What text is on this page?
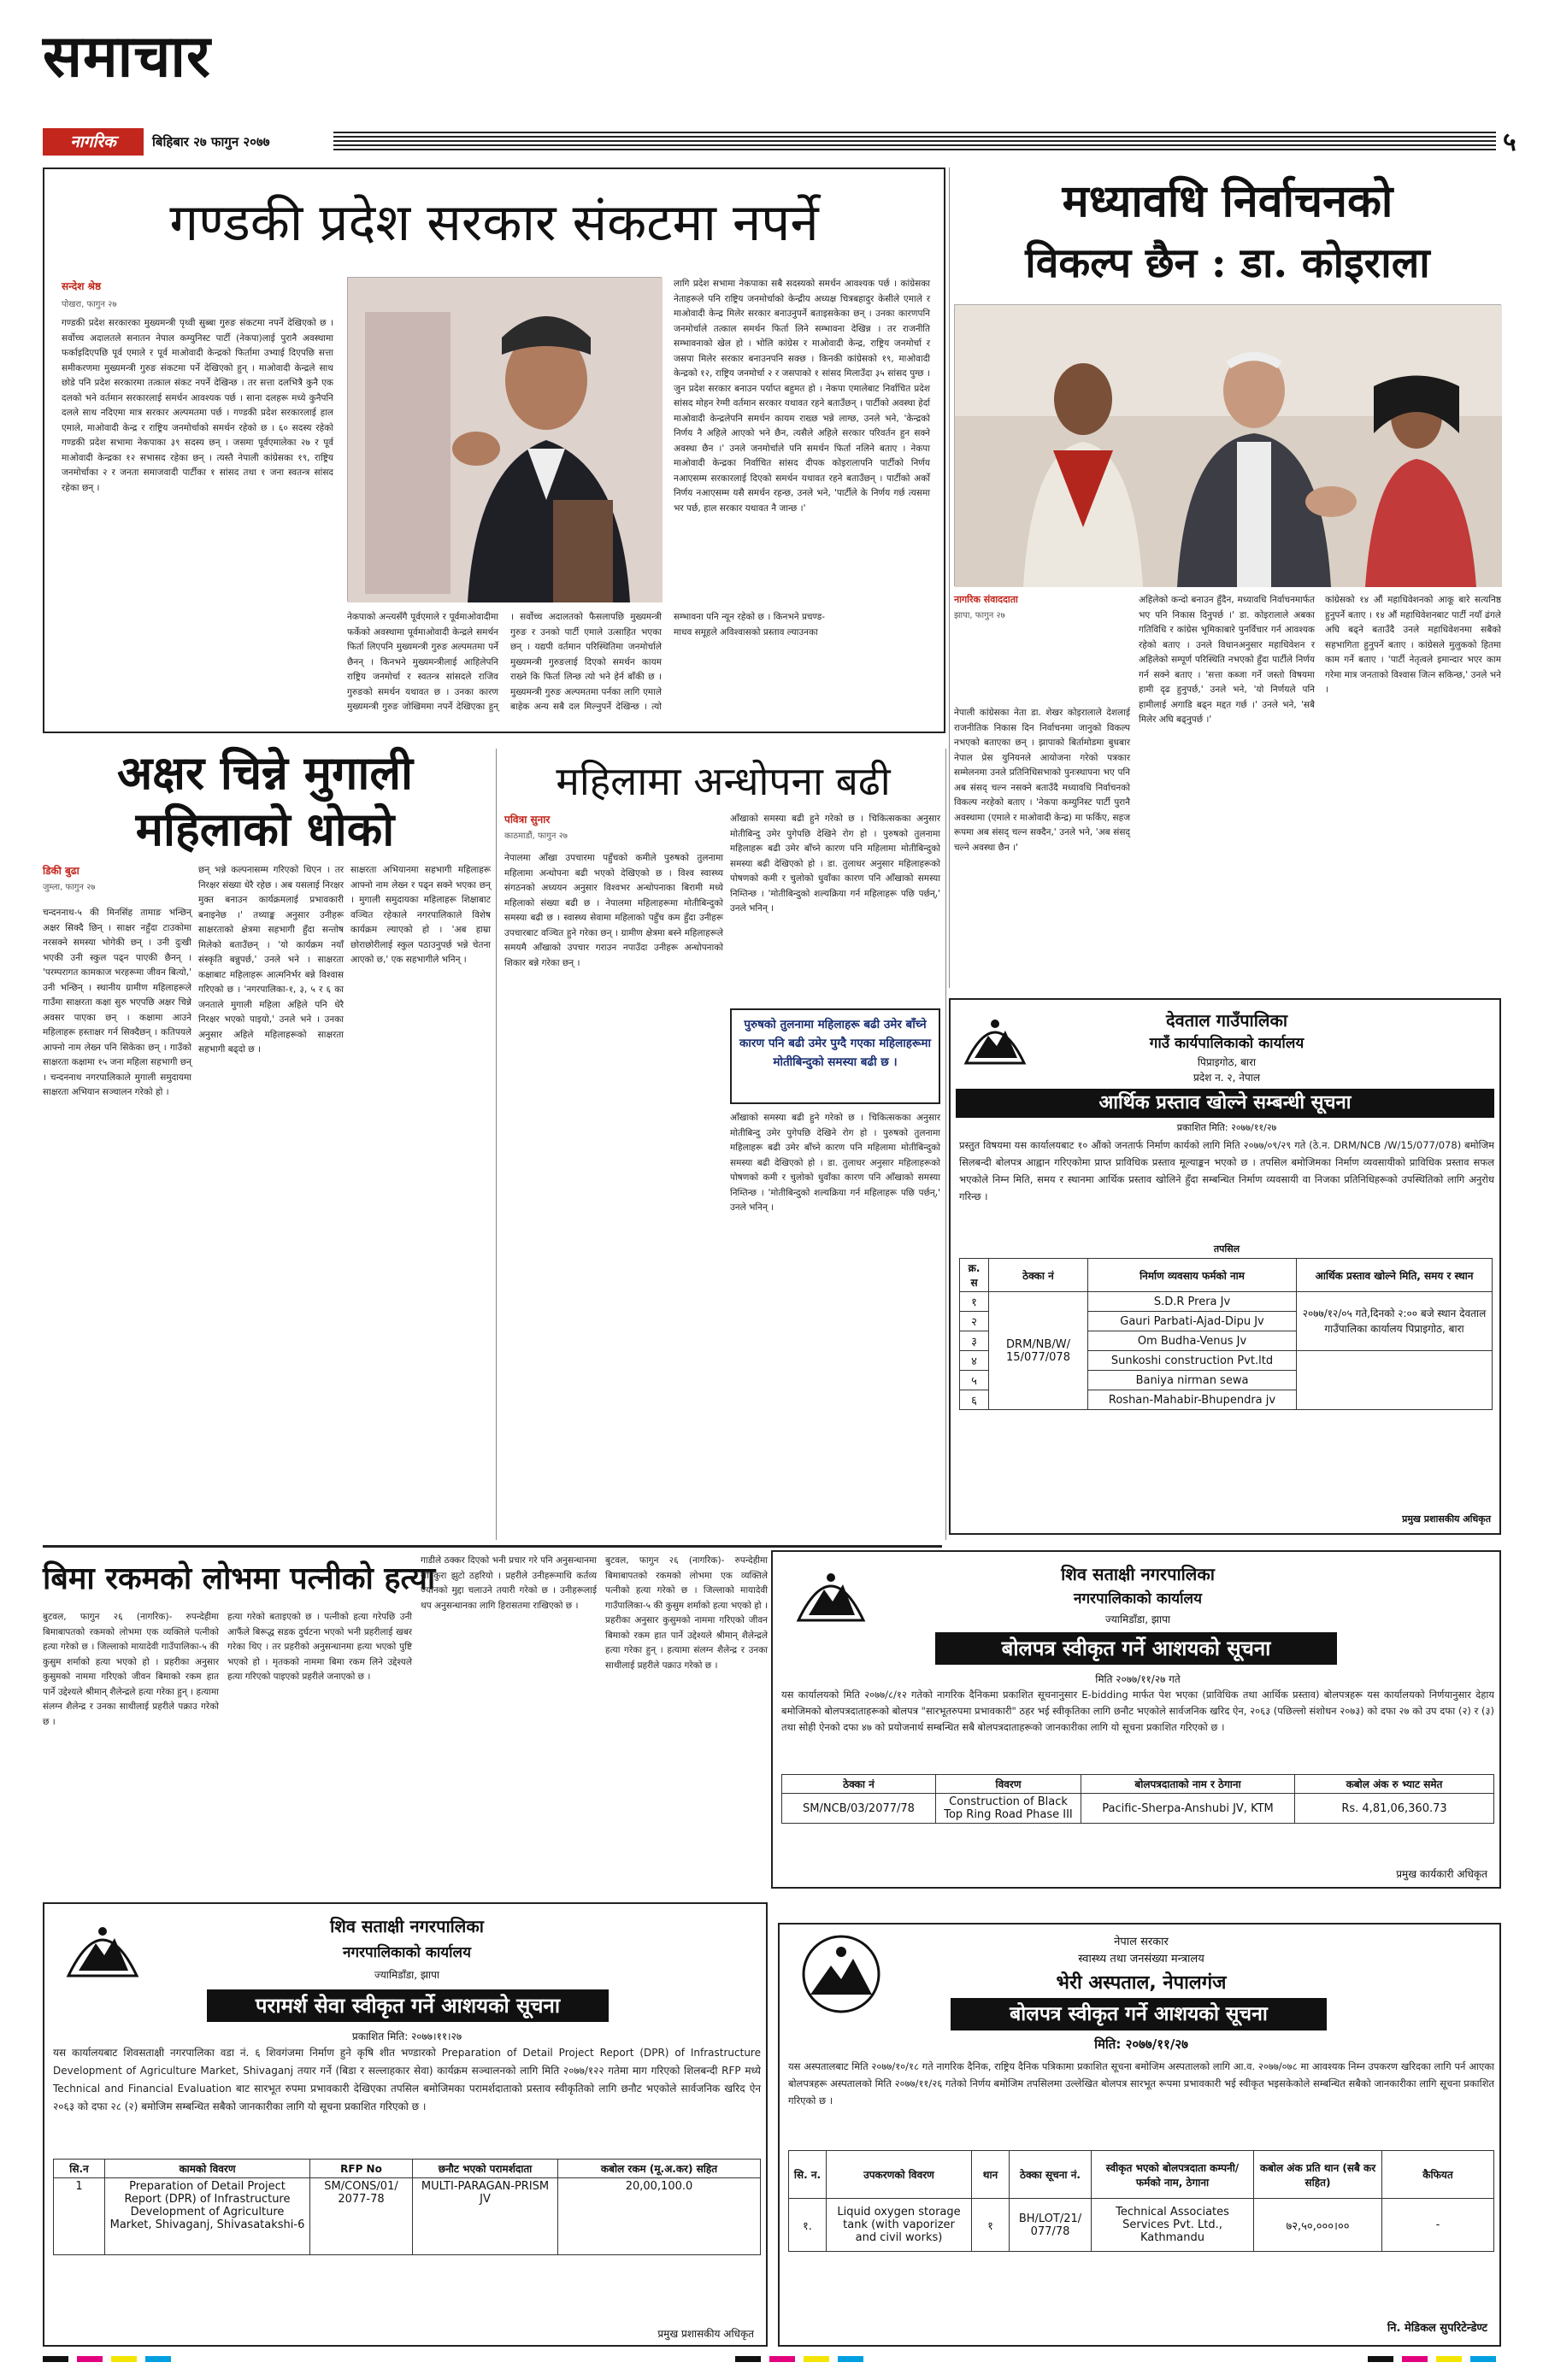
समाचार
नागरिक	बिहिबार २७ फागुन २०७७	५
गण्डकी प्रदेश सरकार संकटमा नपर्ने
सन्देश श्रेष्ठ
पोखरा, फागुन २७
गण्डकी प्रदेश सरकारका मुख्यमन्त्री पृथ्वी सुब्बा गुरुङ संकटमा नपर्ने देखिएको छ । सर्वोच्च अदालतले सनातन नेपाल कम्युनिस्ट पार्टी (नेकपा)लाई पुरानै अवस्थामा फर्काइदिएपछि पूर्व एमाले र पूर्व माओवादी केन्द्रको फिर्तामा उभ्याई दिएपछि सत्ता समीकरणमा मुख्यमन्त्री गुरुङ संकटमा पर्ने देखिएको हुन् । माओवादी केन्द्रले साथ छोडे पनि प्रदेश सरकारमा तत्काल संकट नपर्ने देखिन्छ । तर सत्ता दलभित्रै कुनै एक दलको भने वर्तमान सरकारलाई समर्थन आवश्यक पर्छ । साना दलहरू मध्ये कुनैपनि दलले साथ नदिएमा मात्र सरकार अल्पमतमा पर्छ । गण्डकी प्रदेश सरकारलाई हाल एमाले, माओवादी केन्द्र र राष्ट्रिय जनमोर्चाको समर्थन रहेको छ । ६० सदस्य रहेको गण्डकी प्रदेश सभामा नेकपाका ३९ सदस्य छन् । जसमा पूर्वएमालेका २७ र पूर्व माओवादी केन्द्रका १२ सभासद रहेका छन् । त्यस्तै नेपाली कांग्रेसका १९, राष्ट्रिय जनमोर्चाका २ र जनता समाजवादी पार्टीका १ सांसद तथा १ जना स्वतन्त्र सांसद रहेका छन् ।
नेकपाको अन्त्यसँगै पूर्वएमाले र पूर्वमाओवादीमा फर्केको अवस्थामा पूर्वमाओवादी केन्द्रले समर्थन फिर्ता लिएपनि मुख्यमन्त्री गुरुङ अल्पमतमा पर्ने छैनन् । किनभने मुख्यमन्त्रीलाई आहिलेपनि राष्ट्रिय जनमोर्चा र स्वतन्त्र सांसदले राजिव गुरुङको समर्थन यथावत छ । उनका कारण मुख्यमन्त्री गुरुङ जोखिममा नपर्ने देखिएका हुन् । सर्वोच्च अदालतको फैसलापछि मुख्यमन्त्री गुरुङ र उनको पार्टी एमाले उत्साहित भएका छन् । यद्यपी वर्तमान परिस्थितिमा जनमोर्चाले मुख्यमन्त्री गुरुङलाई दिएको समर्थन कायम राख्ने कि फिर्ता लिन्छ त्यो भने हेर्न बाँकी छ । मुख्यमन्त्री गुरुङ अल्पमतमा पर्नका लागि एमाले बाहेक अन्य सबै दल मिल्नुपर्ने देखिन्छ । त्यो सम्भावना पनि न्यून रहेको छ । किनभने प्रचण्ड-माधव समूहले अविश्वासको प्रस्ताव ल्याउनका
लागि प्रदेश सभामा नेकपाका सबै सदस्यको समर्थन आवश्यक पर्छ । कांग्रेसका नेताहरूले पनि राष्ट्रिय जनमोर्चाको केन्द्रीय अध्यक्ष चित्रबहादुर केसीले एमाले र माओवादी केन्द्र मिलेर सरकार बनाउनुपर्ने बताइसकेका छन् । उनका कारणपनि जनमोर्चाले तत्काल समर्थन फिर्ता लिने सम्भावना देखिन्न । तर राजनीति सम्भावनाको खेल हो । भोलि कांग्रेस र माओवादी केन्द्र, राष्ट्रिय जनमोर्चा र जसपा मिलेर सरकार बनाउनपनि सक्छ । किनकी कांग्रेसको १९, माओवादी केन्द्रको १२, राष्ट्रिय जनमोर्चा २ र जसपाको १ सांसद मिलाउँदा ३५ सांसद पुग्छ । जुन प्रदेश सरकार बनाउन पर्याप्त बहुमत हो । नेकपा एमालेबाट निर्वाचित प्रदेश सांसद मोहन रेग्मी वर्तमान सरकार यथावत रहने बताउँछन् । पार्टीको अवस्था हेर्दा माओवादी केन्द्रलेपनि समर्थन कायम राख्छ भन्ने लाग्छ, उनले भने, 'केन्द्रको निर्णय नै अहिले आएको भने छैन, त्यसैले अहिले सरकार परिवर्तन हुन सक्ने अवस्था छैन ।' उनले जनमोर्चाले पनि समर्थन फिर्ता नलिने बताए । नेकपा माओवादी केन्द्रका निर्वाचित सांसद दीपक कोइरालापनि पार्टीको निर्णय नआएसम्म सरकारलाई दिएको समर्थन यथावत रहने बताउँछन् । पार्टीको अर्को निर्णय नआएसम्म यसै समर्थन रहन्छ, उनले भने, 'पार्टीले के निर्णय गर्छ त्यसमा भर पर्छ, हाल सरकार यथावत नै जान्छ ।'
मध्यावधि निर्वाचनको
विकल्प छैन : डा. कोइराला
नागरिक संवाददाता
झापा, फागुन २७
नेपाली कांग्रेसका नेता डा. शेखर कोइरालाले देशलाई राजनीतिक निकास दिन निर्वाचनमा जानुको विकल्प नभएको बताएका छन् । झापाको बिर्तामोडमा बुधबार नेपाल प्रेस युनियनले आयोजना गरेको पत्रकार सम्मेलनमा उनले प्रतिनिधिसभाको पुनःस्थापना भए पनि अब संसद् चल्न नसक्ने बताउँदै मध्यावधि निर्वाचनको विकल्प नरहेको बताए । 'नेकपा कम्युनिस्ट पार्टी पुरानै अवस्थामा (एमाले र माओवादी केन्द्र) मा फर्किए, सहज रूपमा अब संसद् चल्न सक्दैन,' उनले भने, 'अब संसद् चल्ने अवस्था छैन ।'
अहिलेको कन्दो बनाउन हुँदैन, मध्यावधि निर्वाचनमार्फत भए पनि निकास दिनुपर्छ ।' डा. कोइरालाले अबका गतिविधि र कांग्रेस भूमिकाबारे पुनर्विचार गर्न आवश्यक रहेको बताए । उनले विधानअनुसार महाधिवेशन र अहिलेको सम्पूर्ण परिस्थिति नभएको हुँदा पार्टीले निर्णय गर्न सक्ने बताए । 'सत्ता कब्जा गर्ने जस्तो विषयमा हामी दृढ हुनुपर्छ,' उनले भने, 'यो निर्णयले पनि हामीलाई अगाडि बढ्न मद्दत गर्छ ।' उनले भने, 'सबै मिलेर अघि बढ्नुपर्छ ।'
कांग्रेसको १४ औं महाधिवेशनको आकू बारे सत्यनिष्ठ हुनुपर्ने बताए । १४ औं महाधिवेशनबाट पार्टी नयाँ ढंगले अघि बढ्ने बताउँदै उनले महाधिवेशनमा सबैको सहभागिता हुनुपर्ने बताए । कांग्रेसले मुलुकको हितमा काम गर्ने बताए । 'पार्टी नेतृत्वले इमान्दार भएर काम गरेमा मात्र जनताको विश्वास जित्न सकिन्छ,' उनले भने ।
अक्षर चिन्ने मुगाली
महिलाको धोको
डिकी बुढा
जुम्ला, फागुन २७
चन्दननाथ-५ की मिनसिंह तामाङ भन्छिन् अक्षर सिक्दै छिन् । साक्षर नहुँदा टाउकोमा नरसक्ने समस्या भोगेकी छन् । उनी दुःखी भएकी उनी स्कुल पढ्न पाएकी छैनन् । 'परम्परागत कामकाज भरहरूमा जीवन बित्यो,' उनी भन्छिन् । स्थानीय ग्रामीण महिलाहरूले गाउँमा साक्षरता कक्षा सुरु भएपछि अक्षर चिन्ने अवसर पाएका छन् । कक्षामा आउने महिलाहरू हस्ताक्षर गर्न सिक्दैछन् । कतिपयले आफ्नो नाम लेख्न पनि सिकेका छन् । गाउँको साक्षरता कक्षामा १५ जना महिला सहभागी छन् । चन्दननाथ नगरपालिकाले मुगाली समुदायमा साक्षरता अभियान सञ्चालन गरेको हो ।
छन् भन्ने कल्पनासम्म गरिएको थिएन । तर निरक्षर संख्या धेरै रहेछ । अब यसलाई निरक्षर मुक्त बनाउन कार्यक्रमलाई प्रभावकारी बनाइनेछ ।' तथ्याङ्क अनुसार उनीहरू साक्षरताको क्षेत्रमा सहभागी हुँदा सन्तोष मिलेको बताउँछन् । 'यो कार्यक्रम नयाँ संस्कृति बन्नुपर्छ,' उनले भने । साक्षरता कक्षाबाट महिलाहरू आत्मनिर्भर बन्ने विश्वास गरिएको छ । 'नगरपालिका-१, ३, ५ र ६ का जनताले मुगाली महिला अहिले पनि धेरै निरक्षर भएको पाइयो,' उनले भने । उनका अनुसार अहिले महिलाहरूको साक्षरता सहभागी बढ्दो छ ।
साक्षरता अभियानमा सहभागी महिलाहरू आफ्नो नाम लेख्न र पढ्न सक्ने भएका छन् । मुगाली समुदायका महिलाहरू शिक्षाबाट वञ्चित रहेकाले नगरपालिकाले विशेष कार्यक्रम ल्याएको हो । 'अब हाम्रा छोराछोरीलाई स्कुल पठाउनुपर्छ भन्ने चेतना आएको छ,' एक सहभागीले भनिन् ।
महिलामा अन्धोपना बढी
पवित्रा सुनार
काठमाडौं, फागुन २७
नेपालमा आँखा उपचारमा पहुँचको कमीले पुरुषको तुलनामा महिलामा अन्धोपना बढी भएको देखिएको छ । विश्व स्वास्थ्य संगठनको अध्ययन अनुसार विश्वभर अन्धोपनाका बिरामी मध्ये महिलाको संख्या बढी छ । नेपालमा महिलाहरूमा मोतीबिन्दुको समस्या बढी छ । स्वास्थ्य सेवामा महिलाको पहुँच कम हुँदा उनीहरू उपचारबाट वञ्चित हुने गरेका छन् । ग्रामीण क्षेत्रमा बस्ने महिलाहरूले समयमै आँखाको उपचार गराउन नपाउँदा उनीहरू अन्धोपनाको शिकार बन्ने गरेका छन् ।
पुरुषको तुलनामा महिलाहरू बढी उमेर बाँच्ने कारण पनि बढी उमेर पुग्दै गएका महिलाहरूमा मोतीबिन्दुको समस्या बढी छ ।
आँखाको समस्या बढी हुने गरेको छ । चिकित्सकका अनुसार मोतीबिन्दु उमेर पुगेपछि देखिने रोग हो । पुरुषको तुलनामा महिलाहरू बढी उमेर बाँच्ने कारण पनि महिलामा मोतीबिन्दुको समस्या बढी देखिएको हो । डा. तुलाधर अनुसार महिलाहरूको पोषणको कमी र चुलोको धुवाँका कारण पनि आँखाको समस्या निम्तिन्छ । 'मोतीबिन्दुको शल्यक्रिया गर्न महिलाहरू पछि पर्छन्,' उनले भनिन् ।
आँखाको समस्या बढी हुने गरेको छ । चिकित्सकका अनुसार मोतीबिन्दु उमेर पुगेपछि देखिने रोग हो । पुरुषको तुलनामा महिलाहरू बढी उमेर बाँच्ने कारण पनि महिलामा मोतीबिन्दुको समस्या बढी देखिएको हो । डा. तुलाधर अनुसार महिलाहरूको पोषणको कमी र चुलोको धुवाँका कारण पनि आँखाको समस्या निम्तिन्छ । 'मोतीबिन्दुको शल्यक्रिया गर्न महिलाहरू पछि पर्छन्,' उनले भनिन् ।
देवताल गाउँपालिका
गाउँ कार्यपालिकाको कार्यालय
पिप्राइगोठ, बारा
प्रदेश न. २, नेपाल
आर्थिक प्रस्ताव खोल्ने सम्बन्धी सूचना
प्रकाशित मिति: २०७७/११/२७
प्रस्तुत विषयमा यस कार्यालयबाट १० औंको जनतार्फ निर्माण कार्यको लागि मिति २०७७/०९/२९ गते (ठे.न. DRM/NCB /W/15/077/078) बमोजिम सिलबन्दी बोलपत्र आह्वान गरिएकोमा प्राप्त प्राविधिक प्रस्ताव मूल्याङ्कन भएको छ । तपसिल बमोजिमका निर्माण व्यवसायीको प्राविधिक प्रस्ताव सफल भएकोले निम्न मिति, समय र स्थानमा आर्थिक प्रस्ताव खोलिने हुँदा सम्बन्धित निर्माण व्यवसायी वा निजका प्रतिनिधिहरूको उपस्थितिको लागि अनुरोध गरिन्छ ।
तपसिल
क्र. स	ठेक्का नं	निर्माण व्यवसाय फर्मको नाम	आर्थिक प्रस्ताव खोल्ने मिति, समय र स्थान
१	DRM/NB/W/ 15/077/078	S.D.R Prera Jv	२०७७/१२/०५ गते,दिनको २:०० बजे स्थान देवताल गाउँपालिका कार्यालय पिप्राइगोठ, बारा
२		Gauri Parbati-Ajad-Dipu Jv	
३		Om Budha-Venus Jv	
४		Sunkoshi construction Pvt.ltd	
५		Baniya nirman sewa	
६		Roshan-Mahabir-Bhupendra jv	
प्रमुख प्रशासकीय अधिकृत
बिमा रकमको लोभमा पत्नीको हत्या
बुटवल, फागुन २६ (नागरिक)- रुपन्देहीमा बिमाबापतको रकमको लोभमा एक व्यक्तिले पत्नीको हत्या गरेको छ । जिल्लाको मायादेवी गाउँपालिका-५ की कुसुम शर्माको हत्या भएको हो । प्रहरीका अनुसार कुसुमको नाममा गरिएको जीवन बिमाको रकम हात पार्ने उद्देश्यले श्रीमान् शैलेन्द्रले हत्या गरेका हुन् । हत्यामा संलग्न शैलेन्द्र र उनका साथीलाई प्रहरीले पक्राउ गरेको छ ।
हत्या गरेको बताइएको छ । पत्नीको हत्या गरेपछि उनी आफैंले बिरूद्ध सडक दुर्घटना भएको भनी प्रहरीलाई खबर गरेका थिए । तर प्रहरीको अनुसन्धानमा हत्या भएको पुष्टि भएको हो । मृतकको नाममा बिमा रकम लिने उद्देश्यले हत्या गरिएको पाइएको प्रहरीले जनाएको छ ।
गाडीले ठक्कर दिएको भनी प्रचार गरे पनि अनुसन्धानमा सो कुरा झुटो ठहरियो । प्रहरीले उनीहरूमाथि कर्तव्य ज्यानको मुद्दा चलाउने तयारी गरेको छ । उनीहरूलाई थप अनुसन्धानका लागि हिरासतमा राखिएको छ ।
बुटवल, फागुन २६ (नागरिक)- रुपन्देहीमा बिमाबापतको रकमको लोभमा एक व्यक्तिले पत्नीको हत्या गरेको छ । जिल्लाको मायादेवी गाउँपालिका-५ की कुसुम शर्माको हत्या भएको हो । प्रहरीका अनुसार कुसुमको नाममा गरिएको जीवन बिमाको रकम हात पार्ने उद्देश्यले श्रीमान् शैलेन्द्रले हत्या गरेका हुन् । हत्यामा संलग्न शैलेन्द्र र उनका साथीलाई प्रहरीले पक्राउ गरेको छ ।
शिव सताक्षी नगरपालिका
नगरपालिकाको कार्यालय
ज्यामिडाँडा, झापा
बोलपत्र स्वीकृत गर्ने आशयको सूचना
मिति २०७७/११/२७ गते
यस कार्यालयको मिति २०७७/८/१२ गतेको नागरिक दैनिकमा प्रकाशित सूचनानुसार E-bidding मार्फत पेश भएका (प्राविधिक तथा आर्थिक प्रस्ताव) बोलपत्रहरू यस कार्यालयको निर्णयानुसार देहाय बमोजिमको बोलपत्रदाताहरूको बोलपत्र "सारभूतरुपमा प्रभावकारी" ठहर भई स्वीकृतिका लागि छनौट भएकोले सार्वजनिक खरिद ऐन, २०६३ (पछिल्लो संशोधन २०७३) को दफा २७ को उप दफा (२) र (३) तथा सोही ऐनको दफा ४७ को प्रयोजनार्थ सम्बन्धित सबै बोलपत्रदाताहरूको जानकारीका लागि यो सूचना प्रकाशित गरिएको छ ।
ठेक्का नं	विवरण	बोलपत्रदाताको नाम र ठेगाना	कबोल अंक रु भ्याट समेत
SM/NCB/03/2077/78	Construction of Black Top Ring Road Phase III	Pacific-Sherpa-Anshubi JV, KTM	Rs. 4,81,06,360.73
प्रमुख कार्यकारी अधिकृत
शिव सताक्षी नगरपालिका
नगरपालिकाको कार्यालय
ज्यामिडाँडा, झापा
परामर्श सेवा स्वीकृत गर्ने आशयको सूचना
प्रकाशित मिति: २०७७।११।२७
यस कार्यालयबाट शिवसताक्षी नगरपालिका वडा नं. ६ शिवगंजमा निर्माण हुने कृषि शीत भण्डारको Preparation of Detail Project Report (DPR) of Infrastructure Development of Agriculture Market, Shivaganj तयार गर्ने (बिडा र सल्लाहकार सेवा) कार्यक्रम सञ्चालनको लागि मिति २०७७/१२२ गतेमा माग गरिएको शिलबन्दी RFP मध्ये Technical and Financial Evaluation बाट सारभूत रुपमा प्रभावकारी देखिएका तपसिल बमोजिमका परामर्शदाताको प्रस्ताव स्वीकृतिको लागि छनौट भएकोले सार्वजनिक खरिद ऐन २०६३ को दफा २८ (२) बमोजिम सम्बन्धित सबैको जानकारीका लागि यो सूचना प्रकाशित गरिएको छ ।
सि.न	कामको विवरण	RFP No	छनौट भएको परामर्शदाता	कबोल रकम (मू.अ.कर) सहित
1	Preparation of Detail Project Report (DPR) of Infrastructure Development of Agriculture Market, Shivaganj, Shivasatakshi-6	SM/CONS/01/ 2077-78	MULTI-PARAGAN-PRISM JV	20,00,100.0
प्रमुख प्रशासकीय अधिकृत
नेपाल सरकार
स्वास्थ्य तथा जनसंख्या मन्त्रालय
भेरी अस्पताल, नेपालगंज
बोलपत्र स्वीकृत गर्ने आशयको सूचना
मिति: २०७७/११/२७
यस अस्पतालबाट मिति २०७७/१०/१८ गते नागरिक दैनिक, राष्ट्रिय दैनिक पत्रिकामा प्रकाशित सूचना बमोजिम अस्पतालको लागि आ.व. २०७७/०७८ मा आवश्यक निम्न उपकरण खरिदका लागि पर्न आएका बोलपत्रहरू अस्पतालको मिति २०७७/११/२६ गतेको निर्णय बमोजिम तपसिलमा उल्लेखित बोलपत्र सारभूत रूपमा प्रभावकारी भई स्वीकृत भइसकेकोले सम्बन्धित सबैको जानकारीका लागि सूचना प्रकाशित गरिएको छ ।
सि. न.	उपकरणको विवरण	थान	ठेक्का सूचना नं.	स्वीकृत भएको बोलपत्रदाता कम्पनी/फर्मको नाम, ठेगाना	कबोल अंक प्रति थान (सबै कर सहित)	कैफियत
१.	Liquid oxygen storage tank (with vaporizer and civil works)	१	BH/LOT/21/ 077/78	Technical Associates Services Pvt. Ltd., Kathmandu	७२,५०,०००।००	-
नि. मेडिकल सुपरिटेन्डेण्ट
